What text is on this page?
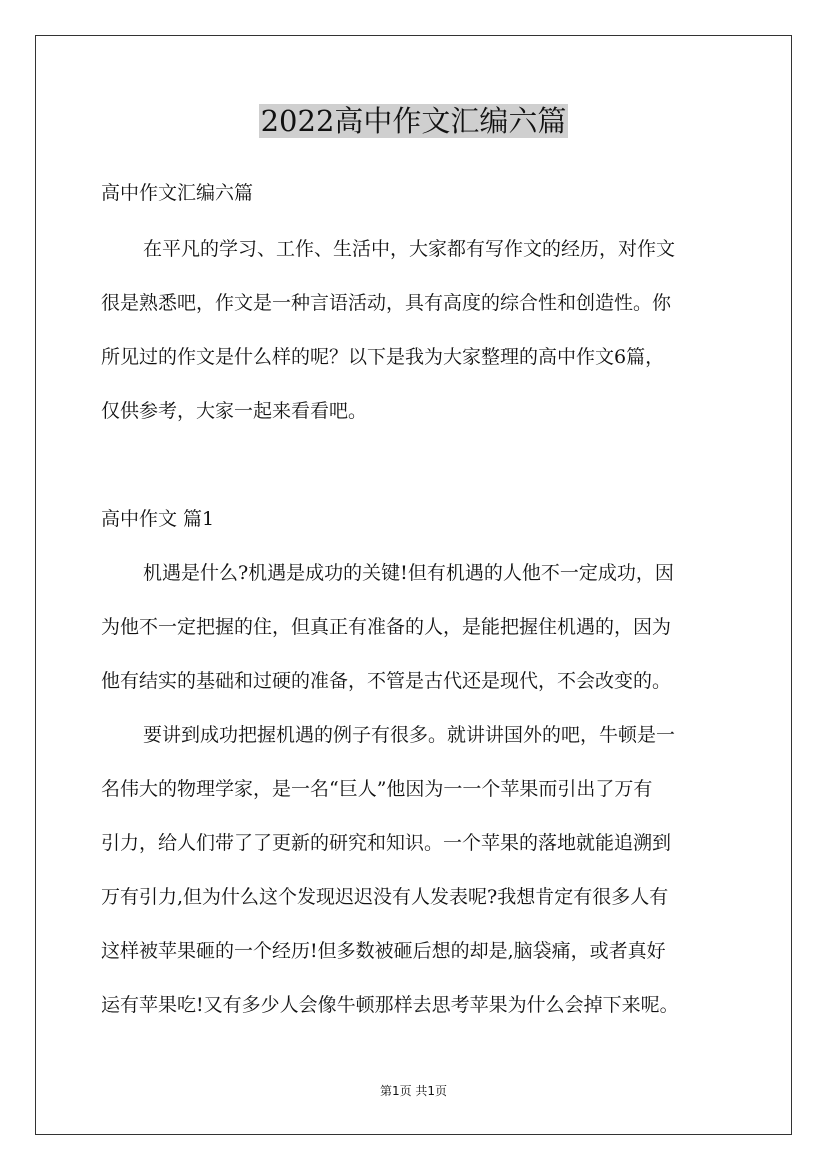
2022高中作文汇编六篇
高中作文汇编六篇
在平凡的学习、工作、生活中，大家都有写作文的经历，对作文
很是熟悉吧，作文是一种言语活动，具有高度的综合性和创造性。你
所见过的作文是什么样的呢？以下是我为大家整理的高中作文6篇，
仅供参考，大家一起来看看吧。
高中作文 篇1
机遇是什么?机遇是成功的关键!但有机遇的人他不一定成功，因
为他不一定把握的住，但真正有准备的人，是能把握住机遇的，因为
他有结实的基础和过硬的准备，不管是古代还是现代，不会改变的。
要讲到成功把握机遇的例子有很多。就讲讲国外的吧，牛顿是一
名伟大的物理学家，是一名“巨人”他因为一一个苹果而引出了万有
引力，给人们带了了更新的研究和知识。一个苹果的落地就能追溯到
万有引力,但为什么这个发现迟迟没有人发表呢?我想肯定有很多人有
这样被苹果砸的一个经历!但多数被砸后想的却是,脑袋痛，或者真好
运有苹果吃!又有多少人会像牛顿那样去思考苹果为什么会掉下来呢。
第1页 共1页
